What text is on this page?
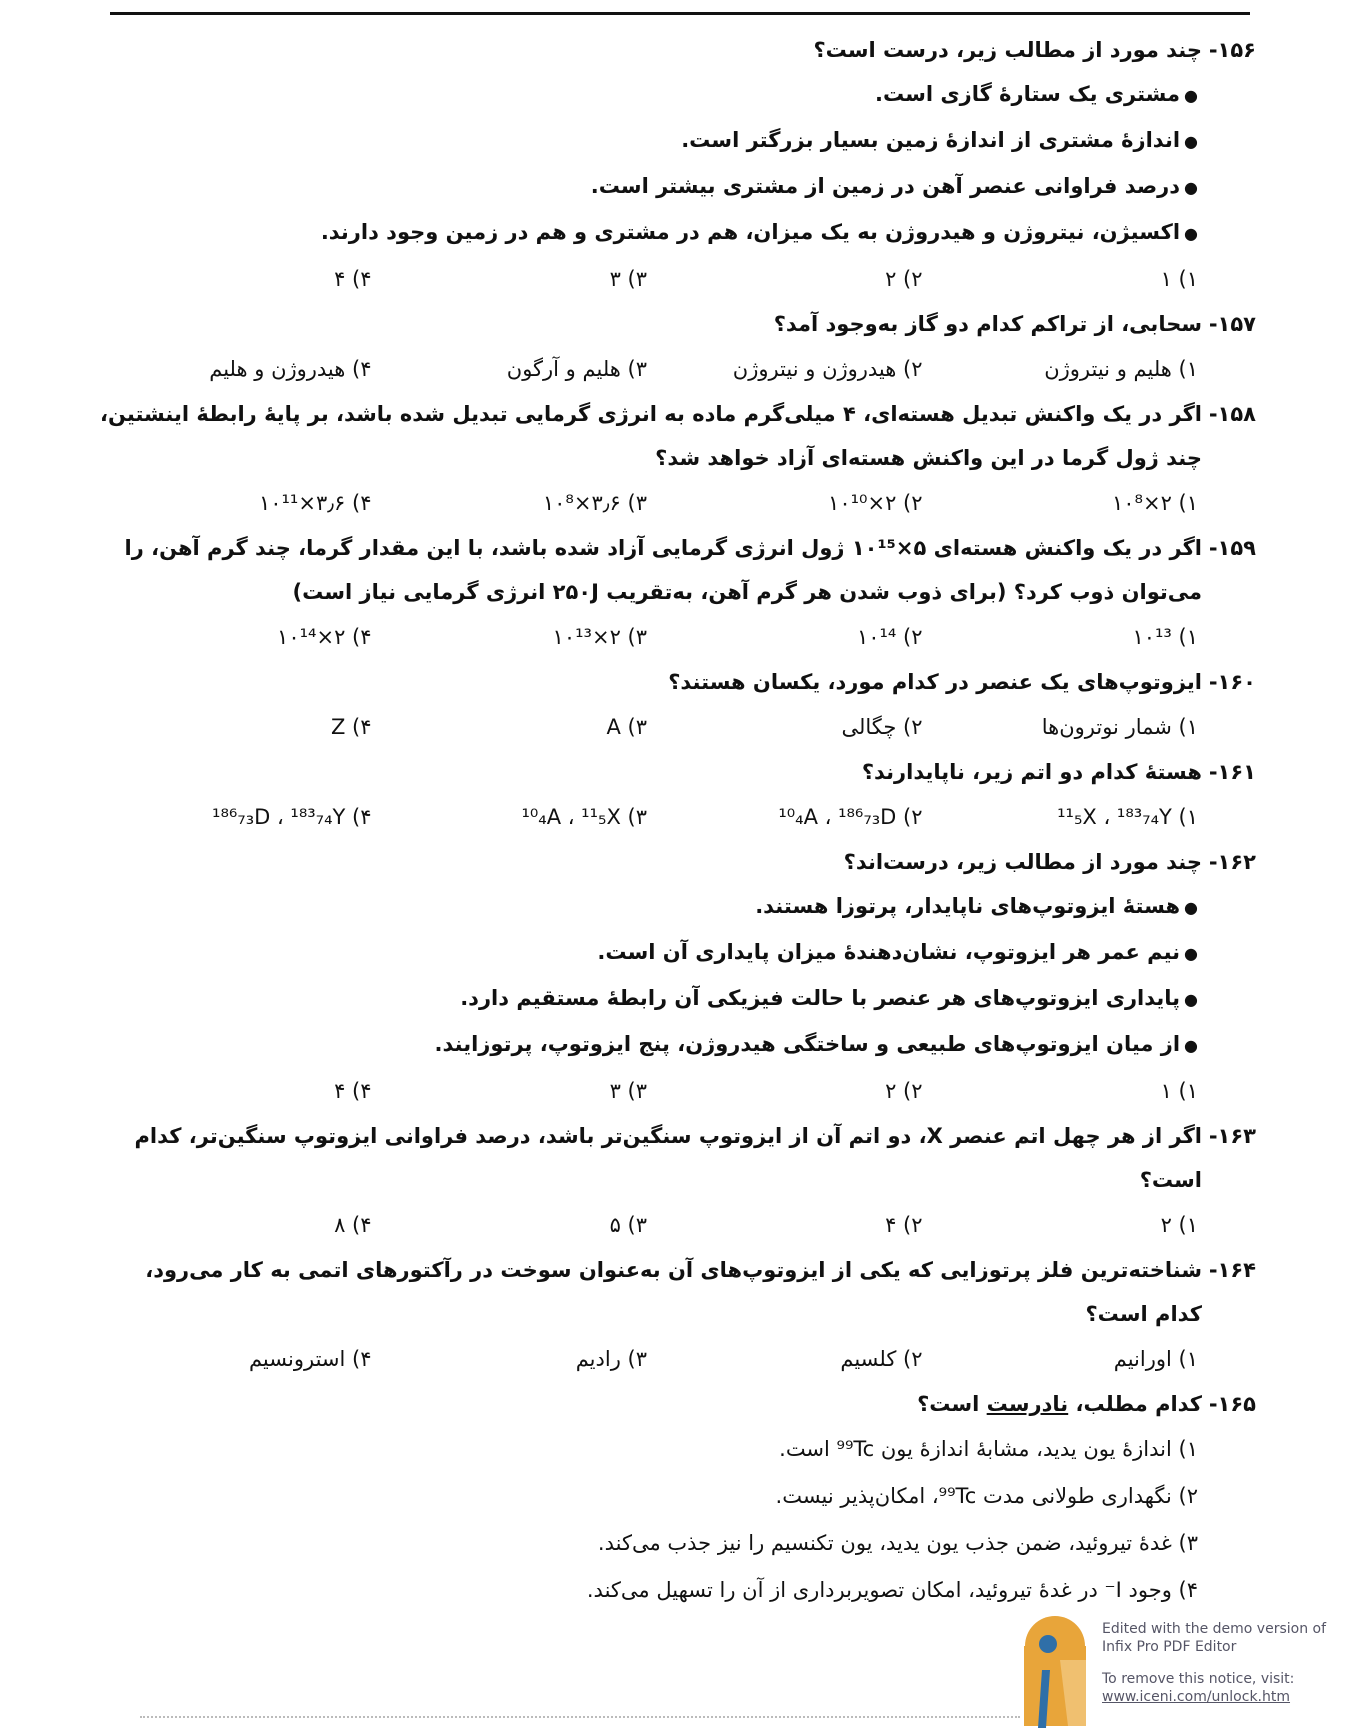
۱۵۶-
چند مورد از مطالب زیر، درست است؟
●مشتری یک ستارهٔ گازی است.
●اندازهٔ مشتری از اندازهٔ زمین بسیار بزرگتر است.
●درصد فراوانی عنصر آهن در زمین از مشتری بیشتر است.
●اکسیژن، نیتروژن و هیدروژن به یک میزان، هم در مشتری و هم در زمین وجود دارند.
۱) ۱
۲) ۲
۳) ۳
۴) ۴
۱۵۷-
سحابی، از تراکم کدام دو گاز به‌وجود آمد؟
۱) هلیم و نیتروژن
۲) هیدروژن و نیتروژن
۳) هلیم و آرگون
۴) هیدروژن و هلیم
۱۵۸-
اگر در یک واکنش تبدیل هسته‌ای، ۴ میلی‌گرم ماده به انرژی گرمایی تبدیل شده باشد، بر پایهٔ رابطهٔ اینشتین،
چند ژول گرما در این واکنش هسته‌ای آزاد خواهد شد؟
۱) ۲×۱۰⁸
۲) ۲×۱۰¹⁰
۳) ۳٫۶×۱۰⁸
۴) ۳٫۶×۱۰¹¹
۱۵۹-
اگر در یک واکنش هسته‌ای ۵×۱۰¹⁵ ژول انرژی گرمایی آزاد شده باشد، با این مقدار گرما، چند گرم آهن، را
می‌توان ذوب کرد؟ (برای ذوب شدن هر گرم آهن، به‌تقریب ۲۵۰J انرژی گرمایی نیاز است)
۱) ۱۰¹³
۲) ۱۰¹⁴
۳) ۲×۱۰¹³
۴) ۲×۱۰¹⁴
۱۶۰-
ایزوتوپ‌های یک عنصر در کدام مورد، یکسان هستند؟
۱) شمار نوترون‌ها
۲) چگالی
۳) A
۴) Z
۱۶۱-
هستهٔ کدام دو اتم زیر، ناپایدارند؟
۱) ¹¹₅X ، ¹⁸³₇₄Y
۲) ¹⁰₄A ، ¹⁸⁶₇₃D
۳) ¹⁰₄A ، ¹¹₅X
۴) ¹⁸⁶₇₃D ، ¹⁸³₇₄Y
۱۶۲-
چند مورد از مطالب زیر، درست‌اند؟
●هستهٔ ایزوتوپ‌های ناپایدار، پرتوزا هستند.
●نیم عمر هر ایزوتوپ، نشان‌دهندهٔ میزان پایداری آن است.
●پایداری ایزوتوپ‌های هر عنصر با حالت فیزیکی آن رابطهٔ مستقیم دارد.
●از میان ایزوتوپ‌های طبیعی و ساختگی هیدروژن، پنج ایزوتوپ، پرتوزایند.
۱) ۱
۲) ۲
۳) ۳
۴) ۴
۱۶۳-
اگر از هر چهل اتم عنصر X، دو اتم آن از ایزوتوپ سنگین‌تر باشد، درصد فراوانی ایزوتوپ سنگین‌تر، کدام است؟
۱) ۲
۲) ۴
۳) ۵
۴) ۸
۱۶۴-
شناخته‌ترین فلز پرتوزایی که یکی از ایزوتوپ‌های آن به‌عنوان سوخت در رآکتورهای اتمی به کار می‌رود، کدام است؟
۱) اورانیم
۲) کلسیم
۳) رادیم
۴) استرونسیم
۱۶۵-
کدام مطلب، نادرست است؟
۱) اندازهٔ یون یدید، مشابهٔ اندازهٔ یون ⁹⁹Tc است.
۲) نگهداری طولانی مدت ⁹⁹Tc، امکان‌پذیر نیست.
۳) غدهٔ تیروئید، ضمن جذب یون یدید، یون تکنسیم را نیز جذب می‌کند.
۴) وجود I⁻ در غدهٔ تیروئید، امکان تصویربرداری از آن را تسهیل می‌کند.
Edited with the demo version of
Infix Pro PDF Editor
To remove this notice, visit:
www.iceni.com/unlock.htm
